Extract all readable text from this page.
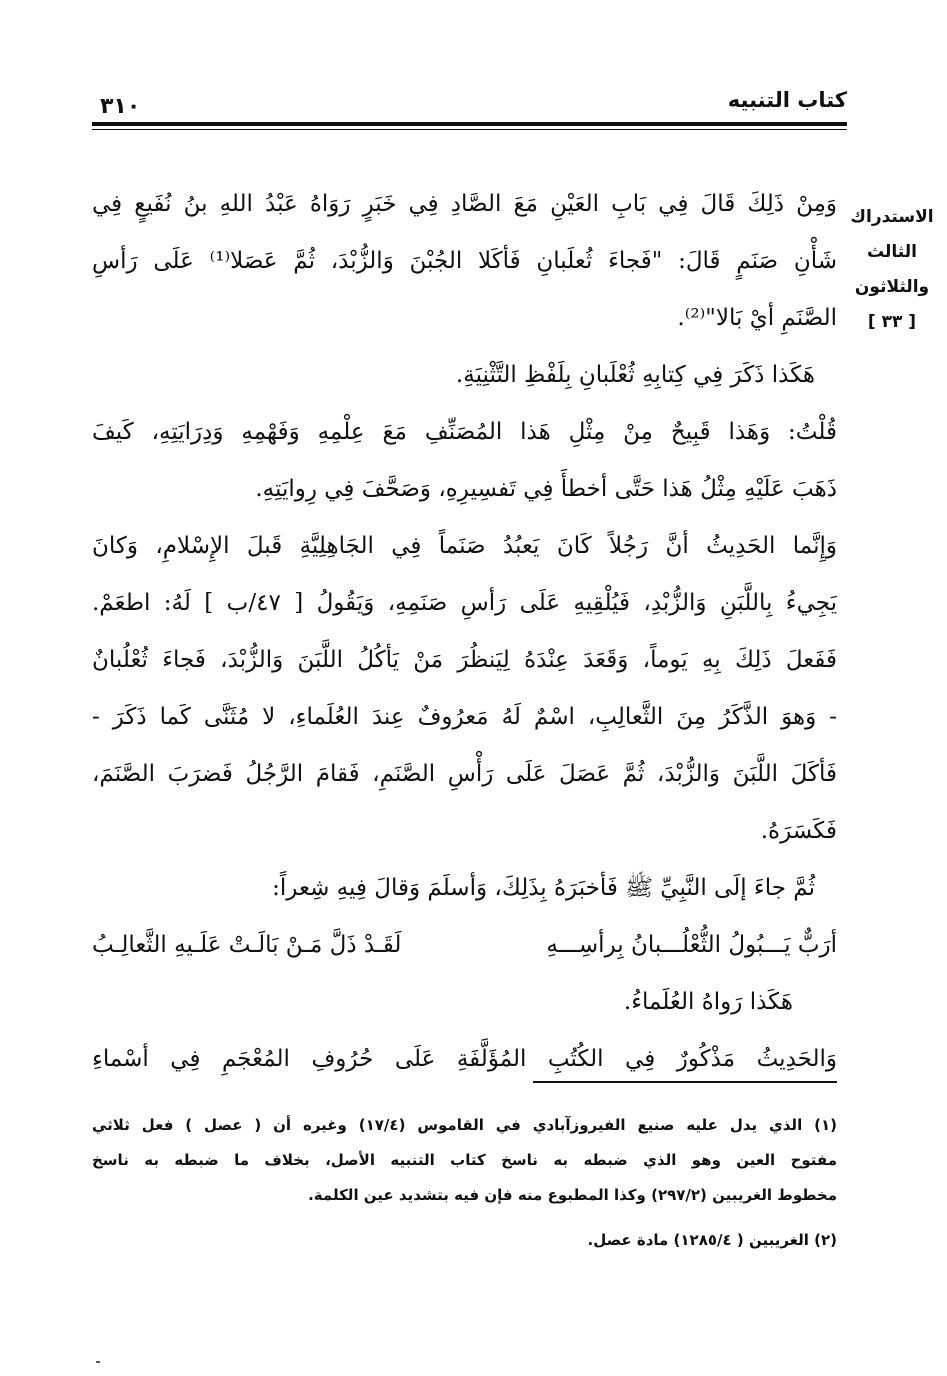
كتاب التنبيه
٣١٠
الاستدراك
الثالث
والثلاثون
[ ٣٣ ]
وَمِنْ ذَلِكَ قَالَ فِي بَابِ العَيْنِ مَعَ الصَّادِ فِي خَبَرٍ رَوَاهُ عَبْدُ اللهِ بنُ نُفَيعٍ فِي
شَأْنِ صَنَمٍ قَالَ: "فَجاءَ ثُعلَبانِ فَأكَلا الجُبْنَ وَالزُّبْدَ، ثُمَّ عَصَلا⁽¹⁾ عَلَى رَأسِ
الصَّنَمِ أيْ بَالا"⁽²⁾.
هَكَذا ذَكَرَ فِي كِتابِهِ ثُعْلَبانِ بِلَفْظِ التَّثْنِيَةِ.
قُلْتُ: وَهَذا قَبِيحٌ مِنْ مِثْلِ هَذا المُصَنِّفِ مَعَ عِلْمِهِ وَفَهْمِهِ وَدِرَايَتِهِ، كَيفَ
ذَهَبَ عَلَيْهِ مِثْلُ هَذا حَتَّى أخطأَ فِي تَفسِيرِهِ، وَصَحَّفَ فِي رِوايَتِهِ.
وَإِنَّما الحَدِيثُ أنَّ رَجُلاً كَانَ يَعبُدُ صَنَماً فِي الجَاهِلِيَّةِ قَبلَ الإِسْلامِ، وَكانَ
يَجِيءُ بِاللَّبَنِ وَالزُّبْدِ، فَيُلْقِيهِ عَلَى رَأسِ صَنَمِهِ، وَيَقُولُ [ ٤٧/ب ] لَهُ: اطعَمْ.
فَفَعلَ ذَلِكَ بِهِ يَوماً، وَقَعَدَ عِنْدَهُ لِيَنظُرَ مَنْ يَأكُلُ اللَّبَنَ وَالزُّبْدَ، فَجاءَ ثُعْلُبانٌ
- وَهوَ الذَّكَرُ مِنَ الثَّعالِبِ، اسْمٌ لَهُ مَعرُوفٌ عِندَ العُلَماءِ، لا مُثَنَّى كَما ذَكَرَ -
فَأكَلَ اللَّبَنَ وَالزُّبْدَ، ثُمَّ عَصَلَ عَلَى رَأْسِ الصَّنَمِ، فَقامَ الرَّجُلُ فَضرَبَ الصَّنَمَ،
فَكَسَرَهُ.
ثُمَّ جاءَ إلَى النَّبِيِّ ﷺ فَأخبَرَهُ بِذَلِكَ، وَأسلَمَ وَقالَ فِيهِ شِعراً:
أرَبٌّ يَـــبُولُ الثُّعْلُـــبانُ بِرأسِـــهِ
لَقَـدْ ذَلَّ مَـنْ بَالَـتْ عَلَـيهِ الثَّعالِـبُ
هَكَذا رَواهُ العُلَماءُ.
وَالحَدِيثُ مَذْكُورٌ فِي الكُتُبِ المُؤَلَّفَةِ عَلَى حُرُوفِ المُعْجَمِ فِي أسْماءِ
(١) الذي يدل عليه صنيع الفيروزآبادي في القاموس (١٧/٤) وغيره أن ( عصل ) فعل ثلاثي
مفتوح العين وهو الذي ضبطه به ناسخ كتاب التنبيه الأصل، بخلاف ما ضبطه به ناسخ
مخطوط الغريبين (٢٩٧/٢) وكذا المطبوع منه فإن فيه بتشديد عين الكلمة.
(٢) الغريبين ( ١٢٨٥/٤) مادة عصل.
